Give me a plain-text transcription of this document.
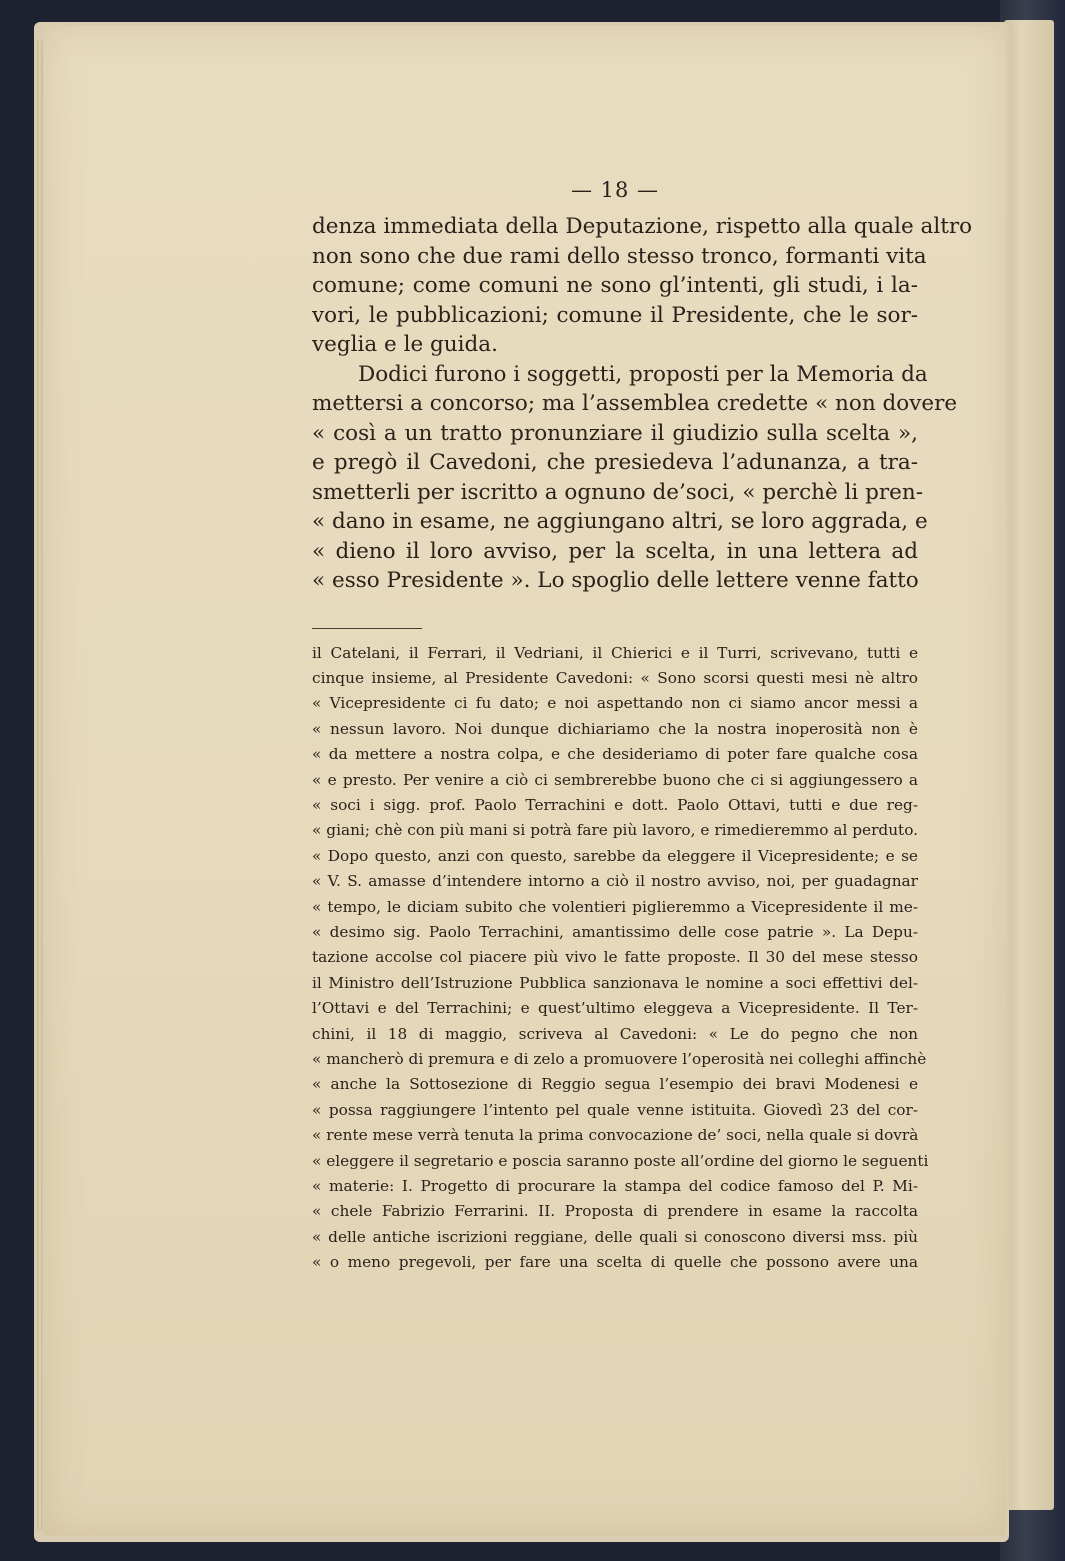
— 18 —
denza immediata della Deputazione, rispetto alla quale altro
non sono che due rami dello stesso tronco, formanti vita
comune; come comuni ne sono gl’intenti, gli studi, i la-
vori, le pubblicazioni; comune il Presidente, che le sor-
veglia e le guida.
Dodici furono i soggetti, proposti per la Memoria da
mettersi a concorso; ma l’assemblea credette « non dovere
« così a un tratto pronunziare il giudizio sulla scelta »,
e pregò il Cavedoni, che presiedeva l’adunanza, a tra-
smetterli per iscritto a ognuno de’soci, « perchè li pren-
« dano in esame, ne aggiungano altri, se loro aggrada, e
« dieno il loro avviso, per la scelta, in una lettera ad
« esso Presidente ». Lo spoglio delle lettere venne fatto
il Catelani, il Ferrari, il Vedriani, il Chierici e il Turri, scrivevano, tutti e
cinque insieme, al Presidente Cavedoni: « Sono scorsi questi mesi nè altro
« Vicepresidente ci fu dato; e noi aspettando non ci siamo ancor messi a
« nessun lavoro. Noi dunque dichiariamo che la nostra inoperosità non è
« da mettere a nostra colpa, e che desideriamo di poter fare qualche cosa
« e presto. Per venire a ciò ci sembrerebbe buono che ci si aggiungessero a
« soci i sigg. prof. Paolo Terrachini e dott. Paolo Ottavi, tutti e due reg-
« giani; chè con più mani si potrà fare più lavoro, e rimedieremmo al perduto.
« Dopo questo, anzi con questo, sarebbe da eleggere il Vicepresidente; e se
« V. S. amasse d’intendere intorno a ciò il nostro avviso, noi, per guadagnar
« tempo, le diciam subito che volentieri piglieremmo a Vicepresidente il me-
« desimo sig. Paolo Terrachini, amantissimo delle cose patrie ». La Depu-
tazione accolse col piacere più vivo le fatte proposte. Il 30 del mese stesso
il Ministro dell’Istruzione Pubblica sanzionava le nomine a soci effettivi del-
l’Ottavi e del Terrachini; e quest’ultimo eleggeva a Vicepresidente. Il Ter-
chini, il 18 di maggio, scriveva al Cavedoni: « Le do pegno che non
« mancherò di premura e di zelo a promuovere l’operosità nei colleghi affinchè
« anche la Sottosezione di Reggio segua l’esempio dei bravi Modenesi e
« possa raggiungere l’intento pel quale venne istituita. Giovedì 23 del cor-
« rente mese verrà tenuta la prima convocazione de’ soci, nella quale si dovrà
« eleggere il segretario e poscia saranno poste all’ordine del giorno le seguenti
« materie: I. Progetto di procurare la stampa del codice famoso del P. Mi-
« chele Fabrizio Ferrarini. II. Proposta di prendere in esame la raccolta
« delle antiche iscrizioni reggiane, delle quali si conoscono diversi mss. più
« o meno pregevoli, per fare una scelta di quelle che possono avere una
